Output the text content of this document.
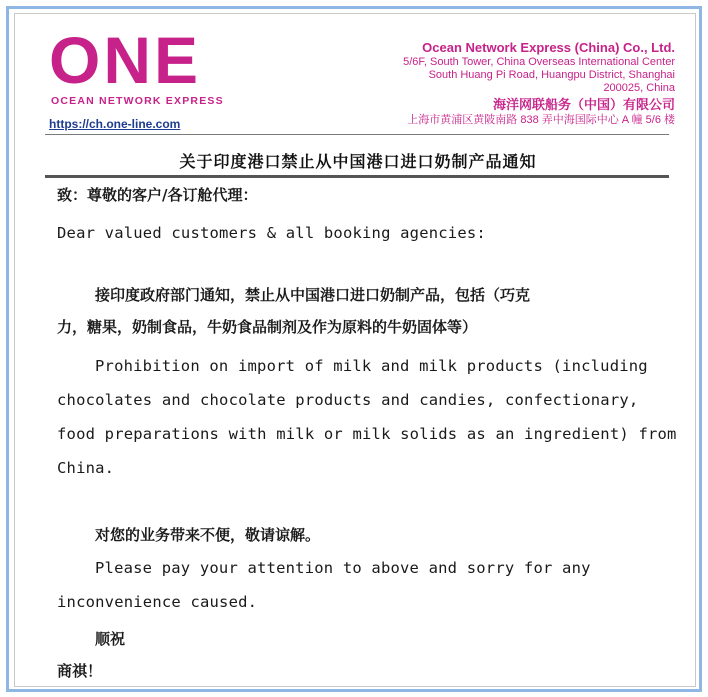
ONE
OCEAN NETWORK EXPRESS
https://ch.one-line.com
Ocean Network Express (China) Co., Ltd.
5/6F, South Tower, China Overseas International Center
South Huang Pi Road, Huangpu District, Shanghai
200025, China
海洋网联船务（中国）有限公司
上海市黄浦区黄陂南路 838 弄中海国际中心 A 幢 5/6 楼
关于印度港口禁止从中国港口进口奶制产品通知
致：尊敬的客户/各订舱代理：
Dear valued customers & all booking agencies:
接印度政府部门通知，禁止从中国港口进口奶制产品，包括（巧克
力，糖果，奶制食品，牛奶食品制剂及作为原料的牛奶固体等）
Prohibition on import of milk and milk products (including
chocolates and chocolate products and candies, confectionary,
food preparations with milk or milk solids as an ingredient) from
China.
对您的业务带来不便，敬请谅解。
Please pay your attention to above and sorry for any
inconvenience caused.
顺祝
商祺！
